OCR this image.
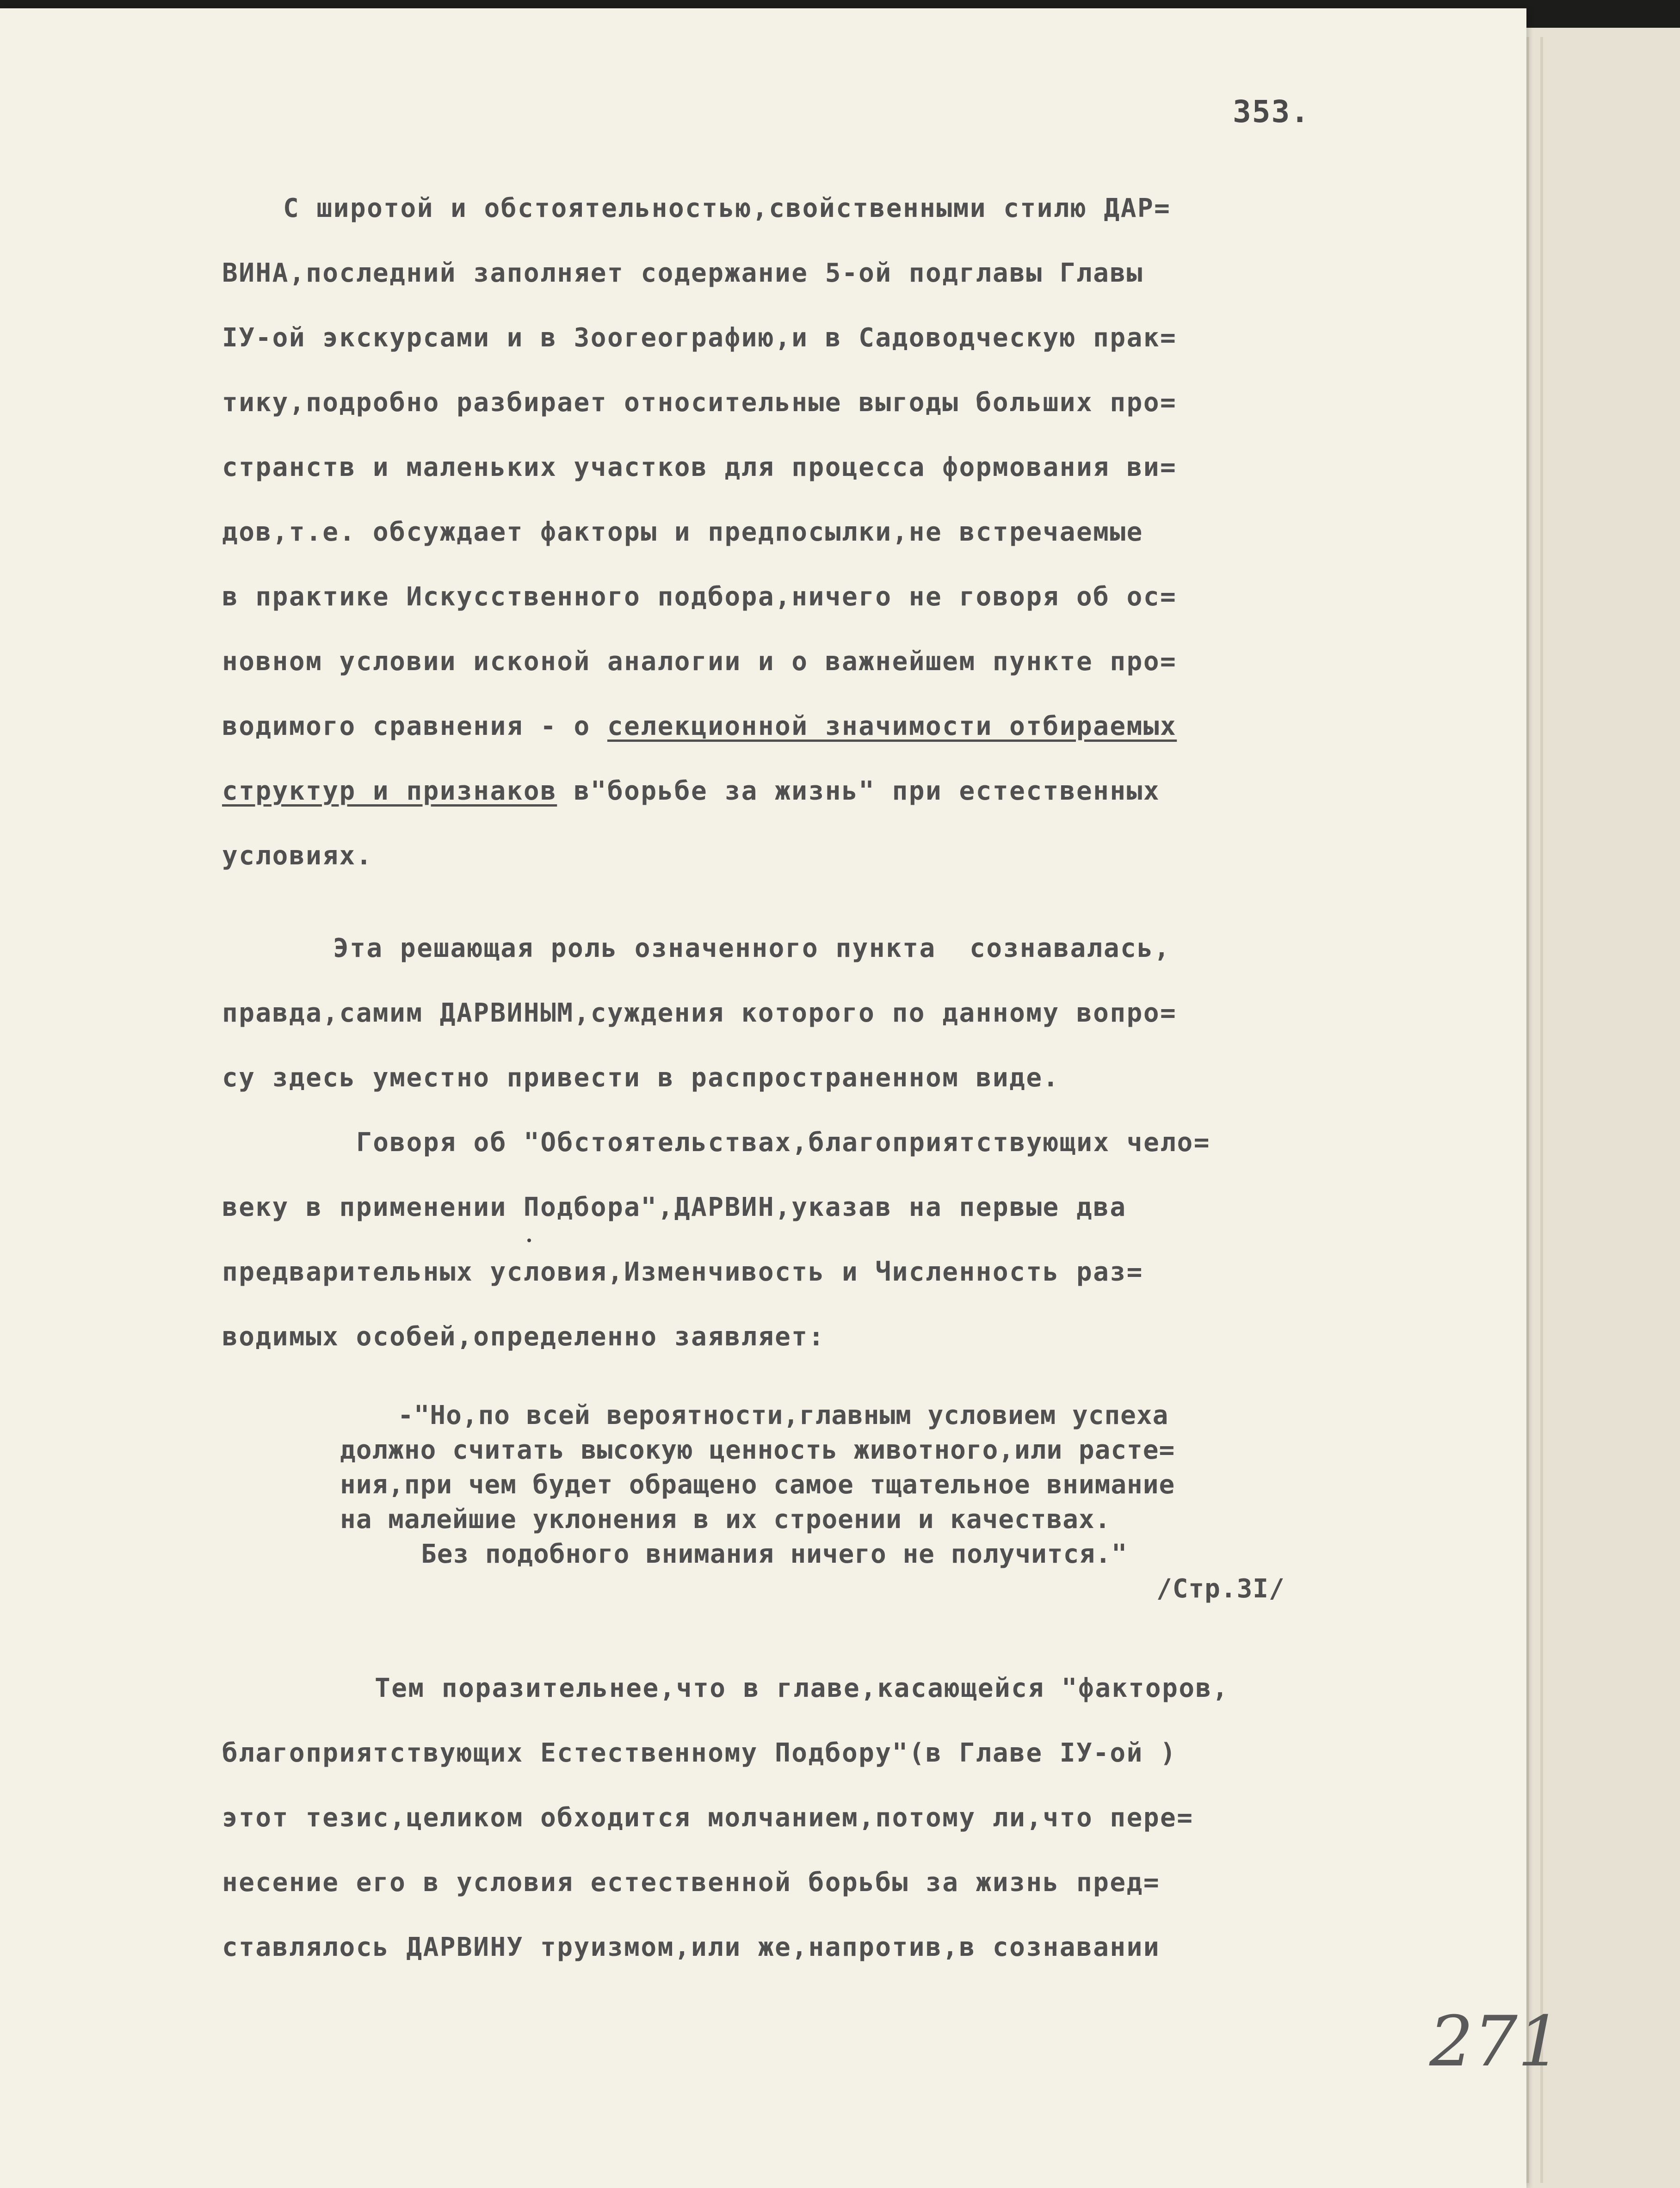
353.
С широтой и обстоятельностью,свойственными стилю ДАР=
ВИНА,последний заполняет содержание 5-ой подглавы Главы
IУ-ой экскурсами и в Зоогеографию,и в Садоводческую прак=
тику,подробно разбирает относительные выгоды больших про=
странств и маленьких участков для процесса формования ви=
дов,т.е. обсуждает факторы и предпосылки,не встречаемые
в практике Искусственного подбора,ничего не говоря об ос=
новном условии исконой аналогии и о важнейшем пункте про=
водимого сравнения - о селекционной значимости отбираемых
структур и признаков в"борьбе за жизнь" при естественных
условиях.
Эта решающая роль означенного пункта  сознавалась,
правда,самим ДАРВИНЫМ,суждения которого по данному вопро=
су здесь уместно привести в распространенном виде.
Говоря об "Обстоятельствах,благоприятствующих чело=
веку в применении Подбора",ДАРВИН,указав на первые два
предварительных условия,Изменчивость и Численность раз=
водимых особей,определенно заявляет:
-"Но,по всей вероятности,главным условием успеха
должно считать высокую ценность животного,или расте=
ния,при чем будет обращено самое тщательное внимание
на малейшие уклонения в их строении и качествах.
Без подобного внимания ничего не получится."
/Стр.3I/
Тем поразительнее,что в главе,касающейся "факторов,
благоприятствующих Естественному Подбору"(в Главе IУ-ой )
этот тезис,целиком обходится молчанием,потому ли,что пере=
несение его в условия естественной борьбы за жизнь пред=
ставлялось ДАРВИНУ труизмом,или же,напротив,в сознавании
271
